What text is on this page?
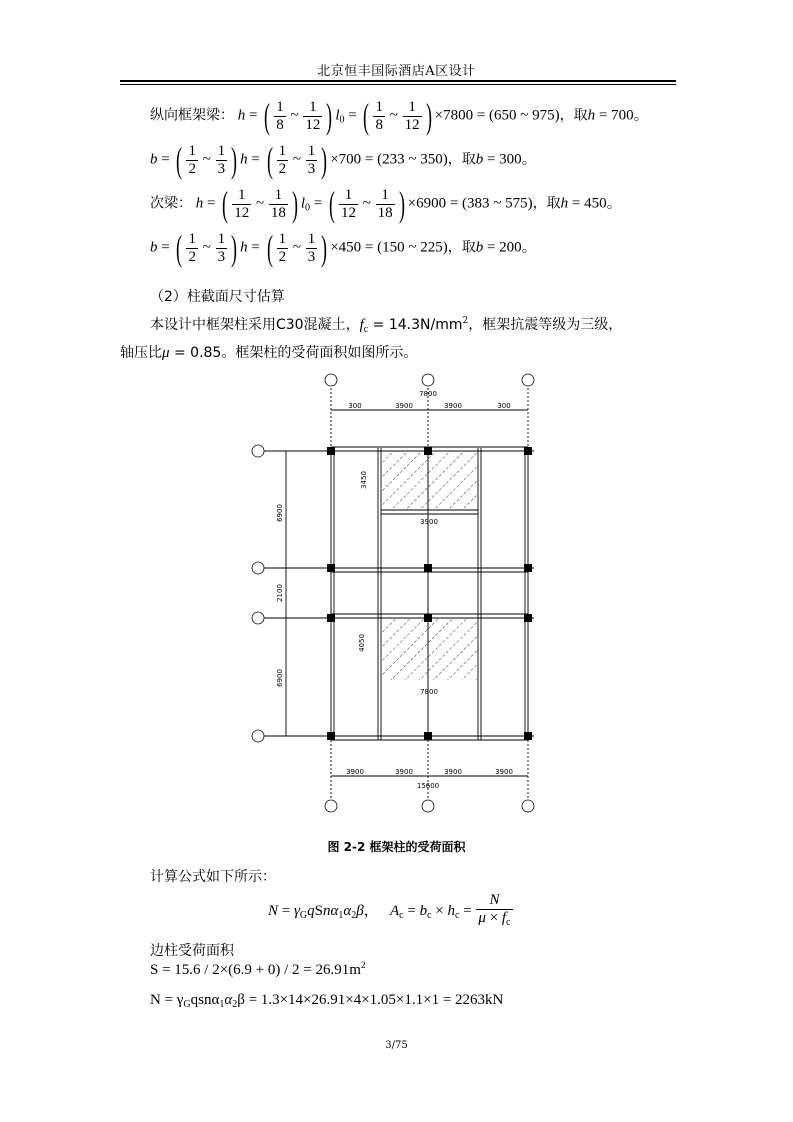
北京恒丰国际酒店A区设计
纵向框架梁： h = ( $\frac{1}{8}$ ~ $\frac{1}{12}$ ) $l_0$ = ( $\frac{1}{8}$ ~ $\frac{1}{12}$ ) ×7800 = (650 ~ 975)，取h = 700。
b = ( $\frac{1}{2}$ ~ $\frac{1}{3}$ ) h = ( $\frac{1}{2}$ ~ $\frac{1}{3}$ ) ×700 = (233 ~ 350)，取b = 300。
次梁： h = ( $\frac{1}{12}$ ~ $\frac{1}{18}$ ) $l_0$ = ( $\frac{1}{12}$ ~ $\frac{1}{18}$ ) ×6900 = (383 ~ 575)，取h = 450。
b = ( $\frac{1}{2}$ ~ $\frac{1}{3}$ ) h = ( $\frac{1}{2}$ ~ $\frac{1}{3}$ ) ×450 = (150 ~ 225)，取b = 200。
（2）柱截面尺寸估算
本设计中框架柱采用C30混凝土，$f_c = 14.3N/mm^2$，框架抗震等级为三级，
轴压比μ = 0.85。框架柱的受荷面积如图所示。
300	3900	3900	300
7800
3900	3900	3900	3900
15600
6900
2100
6900
3450
3900
4050
7800
图 2-2 框架柱的受荷面积
计算公式如下所示：
$N = \gamma_GqSn\alpha_1\alpha_2\beta$，   $A_c = b_c \times h_c = \frac{N}{\mu \times f_c}$
边柱受荷面积
$S = 15.6 / 2\times(6.9 + 0) / 2 = 26.91m^2$
$N = \gamma_Gqsn\alpha_1\alpha_2\beta = 1.3\times 14\times 26.91\times 4\times 1.05\times 1.1\times 1 = 2263kN$
3/75
